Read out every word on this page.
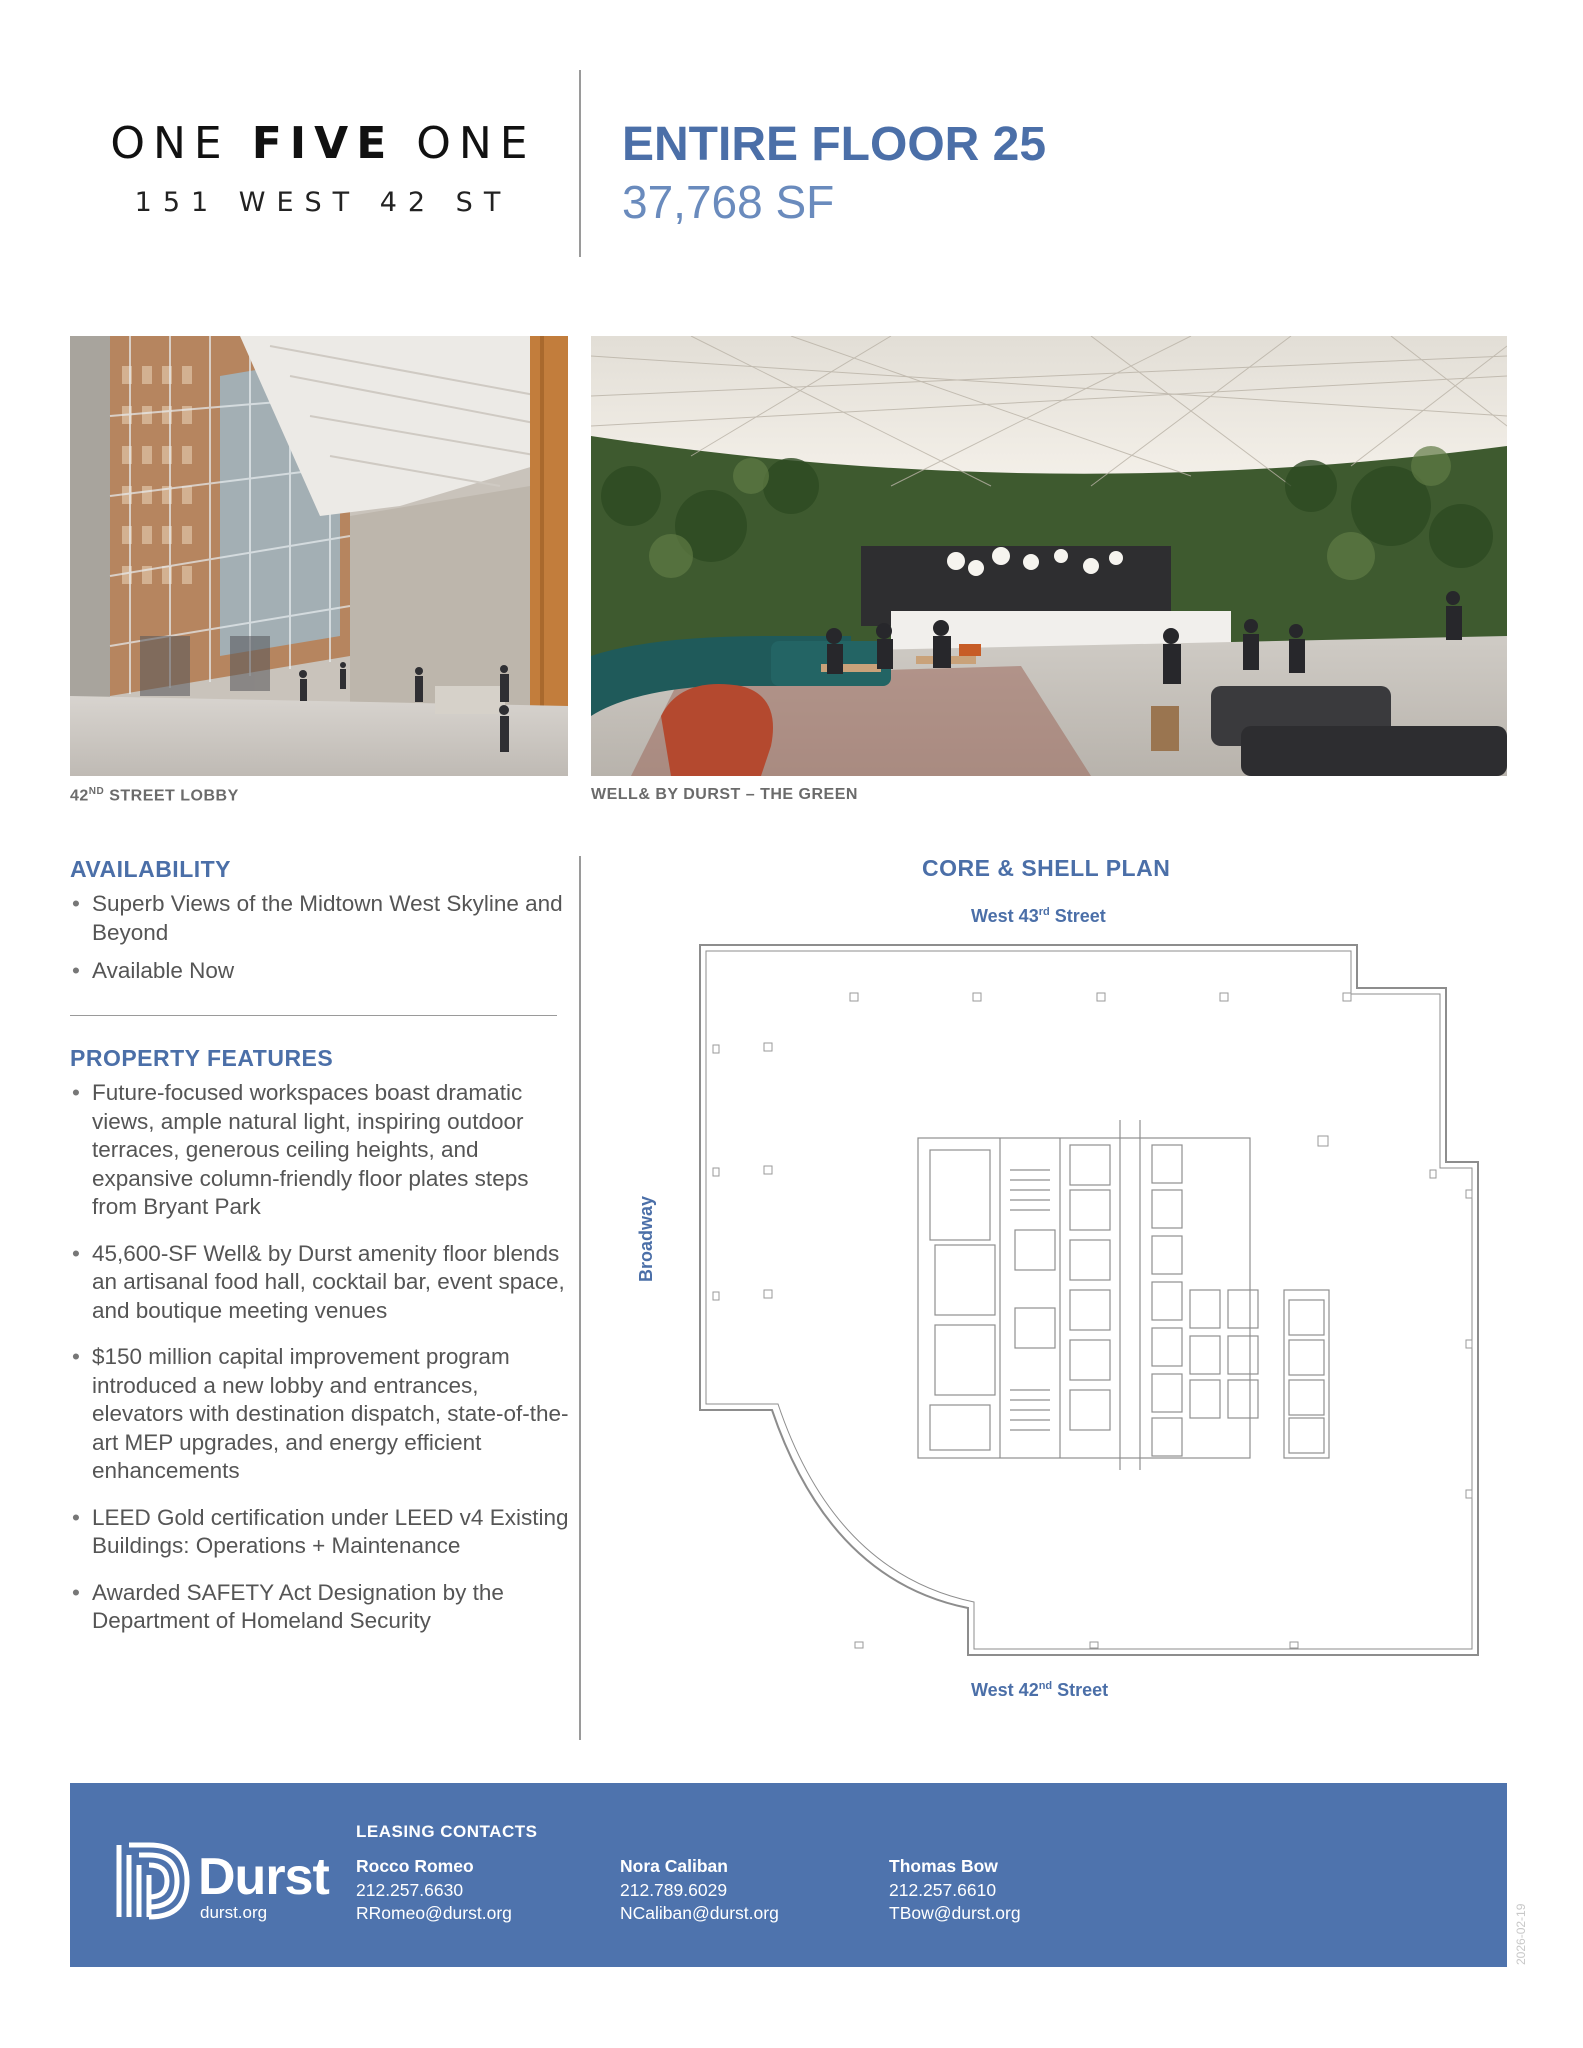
ONE FIVE ONE
151 WEST 42 ST
ENTIRE FLOOR 25
37,768 SF
42ND STREET LOBBY	WELL& BY DURST – THE GREEN
AVAILABILITY
• Superb Views of the Midtown West Skyline and Beyond
• Available Now
PROPERTY FEATURES
• Future-focused workspaces boast dramatic views, ample natural light, inspiring outdoor terraces, generous ceiling heights, and expansive column-friendly floor plates steps from Bryant Park
• 45,600-SF Well& by Durst amenity floor blends an artisanal food hall, cocktail bar, event space, and boutique meeting venues
• $150 million capital improvement program introduced a new lobby and entrances, elevators with destination dispatch, state-of-the-art MEP upgrades, and energy efficient enhancements
• LEED Gold certification under LEED v4 Existing Buildings: Operations + Maintenance
• Awarded SAFETY Act Designation by the Department of Homeland Security
CORE & SHELL PLAN
West 43rd Street
West 42nd Street
Broadway
Durst
durst.org
LEASING CONTACTS
Rocco Romeo
212.257.6630
RRomeo@durst.org
Nora Caliban
212.789.6029
NCaliban@durst.org
Thomas Bow
212.257.6610
TBow@durst.org	2026-02-19
